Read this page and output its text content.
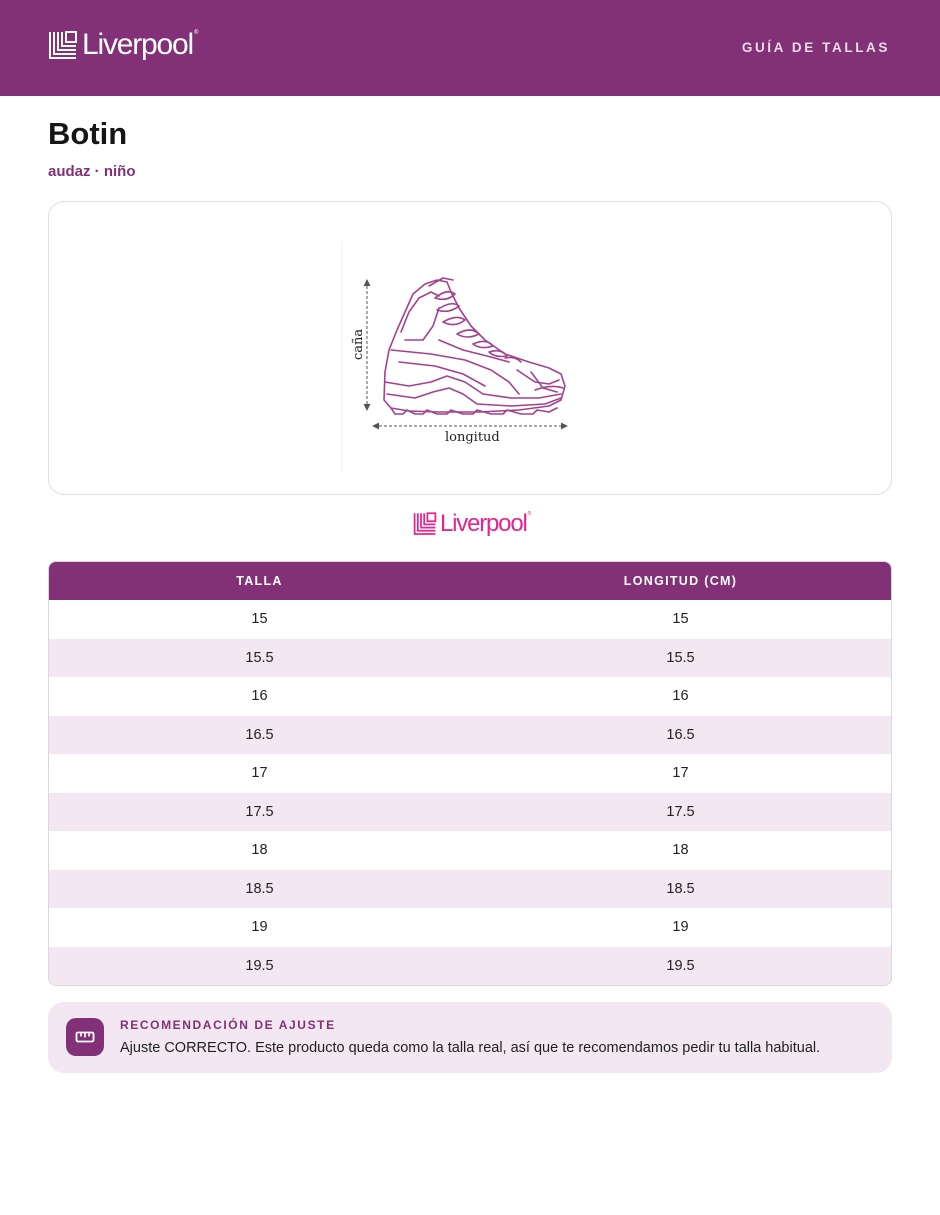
Liverpool®
GUÍA DE TALLAS
Botin
audaz · niño
caña
longitud
Liverpool®
TALLA	LONGITUD (CM)
15	15
15.5	15.5
16	16
16.5	16.5
17	17
17.5	17.5
18	18
18.5	18.5
19	19
19.5	19.5
RECOMENDACIÓN DE AJUSTE
Ajuste CORRECTO. Este producto queda como la talla real, así que te recomendamos pedir tu talla habitual.
